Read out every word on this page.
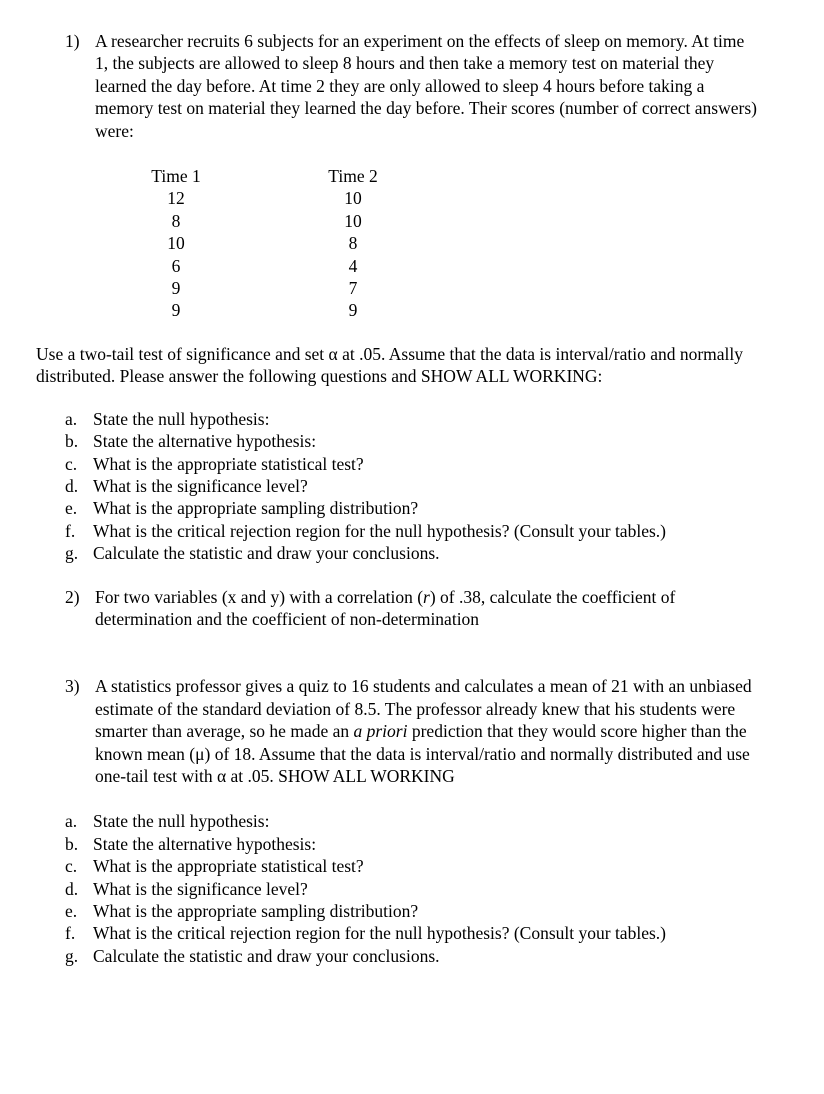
1) A researcher recruits 6 subjects for an experiment on the effects of sleep on memory. At time 1, the subjects are allowed to sleep 8 hours and then take a memory test on material they learned the day before. At time 2 they are only allowed to sleep 4 hours before taking a memory test on material they learned the day before. Their scores (number of correct answers) were:
Time 1	Time 2
12	10
8	10
10	8
6	4
9	7
9	9
Use a two-tail test of significance and set α at .05. Assume that the data is interval/ratio and normally distributed. Please answer the following questions and SHOW ALL WORKING:
a. State the null hypothesis:
b. State the alternative hypothesis:
c. What is the appropriate statistical test?
d. What is the significance level?
e. What is the appropriate sampling distribution?
f.	What is the critical rejection region for the null hypothesis? (Consult your tables.)
g. Calculate the statistic and draw your conclusions.
2) For two variables (x and y) with a correlation (r) of .38, calculate the coefficient of determination and the coefficient of non-determination
3) A statistics professor gives a quiz to 16 students and calculates a mean of 21 with an unbiased estimate of the standard deviation of 8.5. The professor already knew that his students were smarter than average, so he made an a priori prediction that they would score higher than the known mean (μ) of 18. Assume that the data is interval/ratio and normally distributed and use one-tail test with α at .05. SHOW ALL WORKING
a. State the null hypothesis:
b. State the alternative hypothesis:
c. What is the appropriate statistical test?
d. What is the significance level?
e. What is the appropriate sampling distribution?
f.	What is the critical rejection region for the null hypothesis? (Consult your tables.)
g. Calculate the statistic and draw your conclusions.
